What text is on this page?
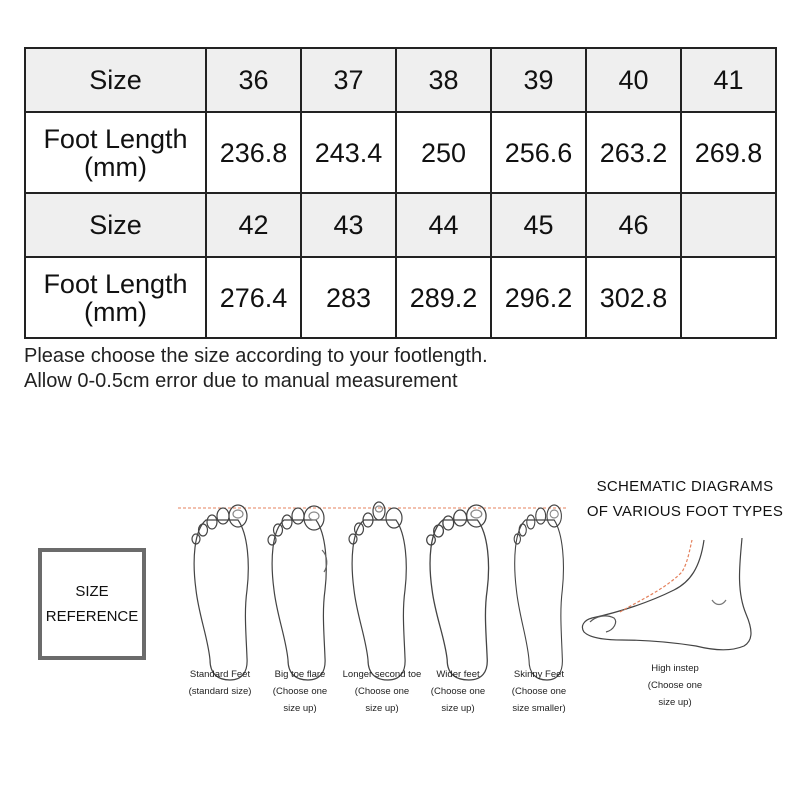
Size	36	37	38	39	40	41

Foot Length
(mm)	236.8	243.4	250	256.6	263.2	269.8

Size	42	43	44	45	46	

Foot Length
(mm)	276.4	283	289.2	296.2	302.8	
Please choose the size according to your footlength.
Allow 0-0.5cm error due to manual measurement
SIZE
REFERENCE
SCHEMATIC DIAGRAMS
OF VARIOUS FOOT TYPES
Standard Feet
(standard size)
Big toe flare
(Choose one
size up)
Longer second toe
(Choose one
size up)
Wider feet
(Choose one
size up)
Skinny Feet
(Choose one
size smaller)
High instep
(Choose one
size up)
